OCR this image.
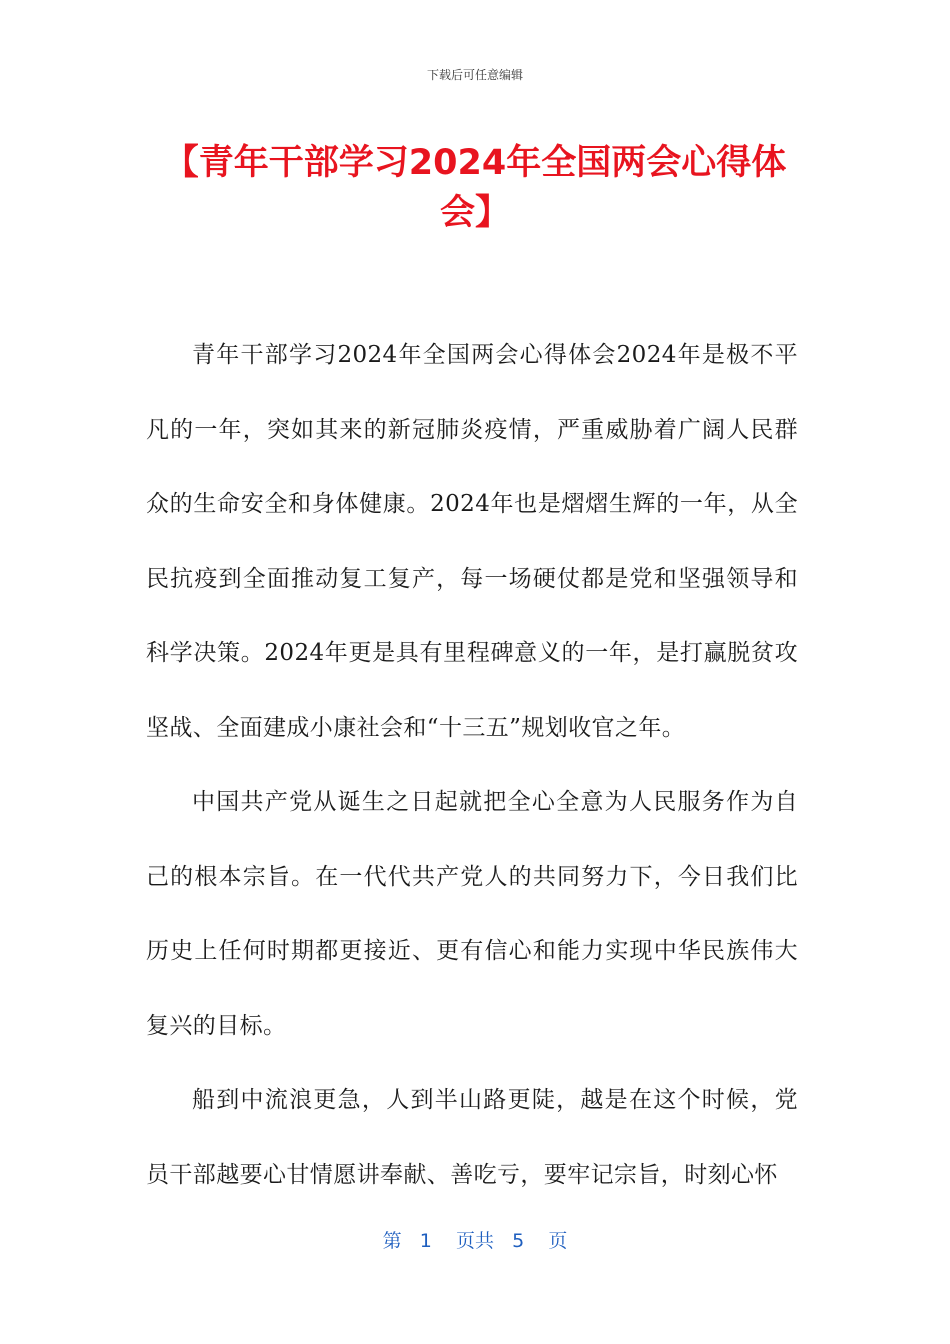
下载后可任意编辑
【青年干部学习2024年全国两会心得体会】

青年干部学习2024年全国两会心得体会2024年是极不平凡的一年，突如其来的新冠肺炎疫情，严重威胁着广阔人民群众的生命安全和身体健康。2024年也是熠熠生辉的一年，从全民抗疫到全面推动复工复产，每一场硬仗都是党和坚强领导和科学决策。2024年更是具有里程碑意义的一年，是打赢脱贫攻坚战、全面建成小康社会和“十三五”规划收官之年。

中国共产党从诞生之日起就把全心全意为人民服务作为自己的根本宗旨。在一代代共产党人的共同努力下，今日我们比历史上任何时期都更接近、更有信心和能力实现中华民族伟大复兴的目标。

船到中流浪更急，人到半山路更陡，越是在这个时候，党员干部越要心甘情愿讲奉献、善吃亏，要牢记宗旨，时刻心怀

第 1 页共 5 页
